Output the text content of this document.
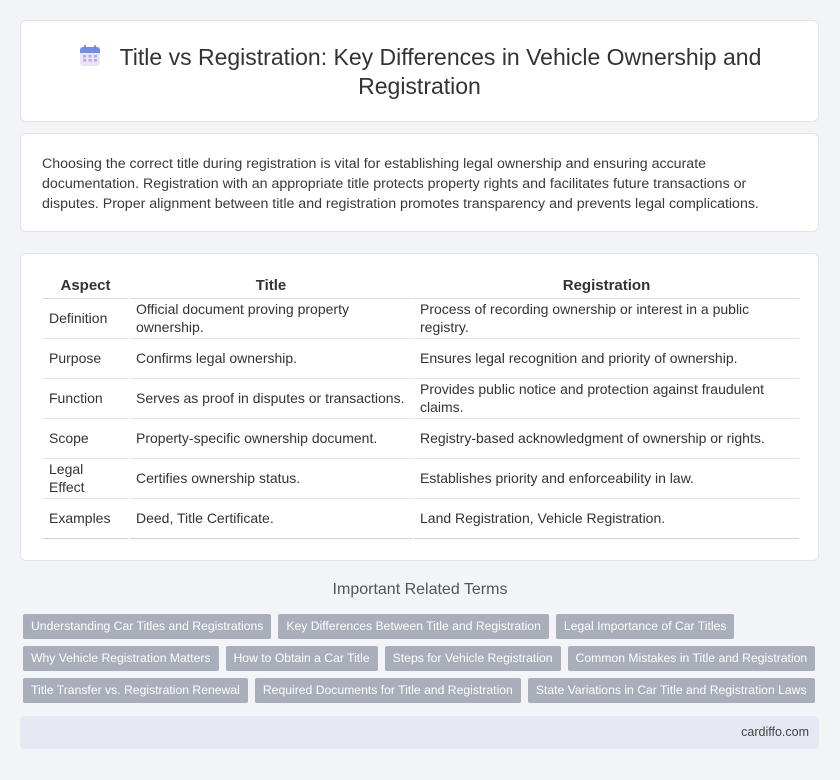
Title vs Registration: Key Differences in Vehicle Ownership and Registration

Choosing the correct title during registration is vital for establishing legal ownership and ensuring accurate documentation. Registration with an appropriate title protects property rights and facilitates future transactions or disputes. Proper alignment between title and registration promotes transparency and prevents legal complications.

Aspect	Title	Registration
Definition	Official document proving property ownership.	Process of recording ownership or interest in a public registry.
Purpose	Confirms legal ownership.	Ensures legal recognition and priority of ownership.
Function	Serves as proof in disputes or transactions.	Provides public notice and protection against fraudulent claims.
Scope	Property-specific ownership document.	Registry-based acknowledgment of ownership or rights.
Legal Effect	Certifies ownership status.	Establishes priority and enforceability in law.
Examples	Deed, Title Certificate.	Land Registration, Vehicle Registration.
Important Related Terms
Understanding Car Titles and Registrations	Key Differences Between Title and Registration	Legal Importance of Car Titles
Why Vehicle Registration Matters	How to Obtain a Car Title	Steps for Vehicle Registration	Common Mistakes in Title and Registration
Title Transfer vs. Registration Renewal	Required Documents for Title and Registration	State Variations in Car Title and Registration Laws
cardiffo.com
